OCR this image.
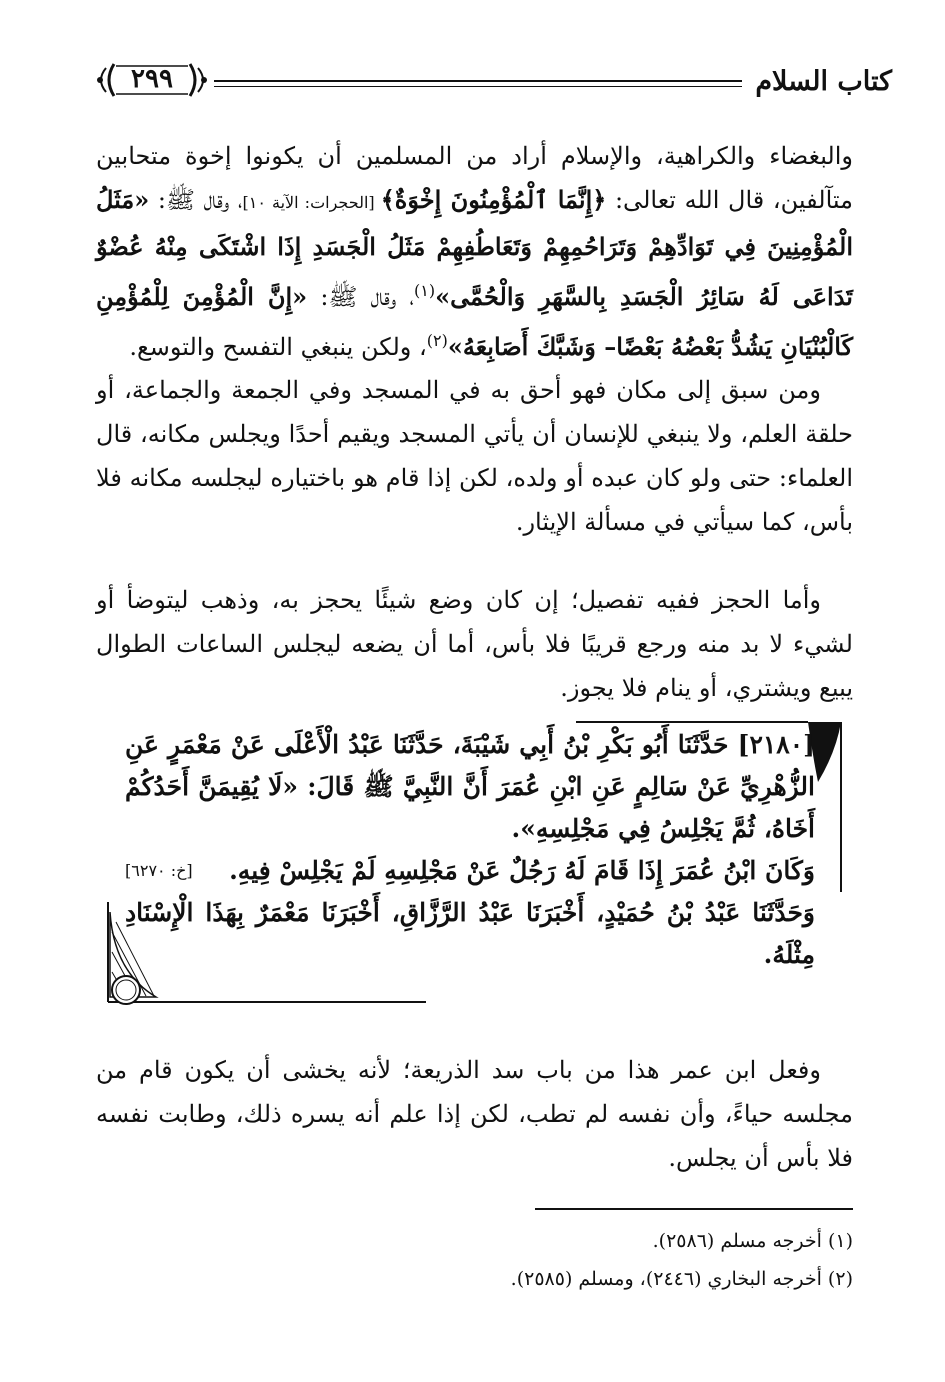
كتاب السلام
٢٩٩
والبغضاء والكراهية، والإسلام أراد من المسلمين أن يكونوا إخوة متحابين متآلفين، قال الله تعالى: ﴿إِنَّمَا ٱلْمُؤْمِنُونَ إِخْوَةٌ﴾ [الحجرات: الآية ١٠]، وقال ﷺ: «مَثَلُ الْمُؤْمِنِينَ فِي تَوَادِّهِمْ وَتَرَاحُمِهِمْ وَتَعَاطُفِهِمْ مَثَلُ الْجَسَدِ إِذَا اشْتَكَى مِنْهُ عُضْوٌ تَدَاعَى لَهُ سَائِرُ الْجَسَدِ بِالسَّهَرِ وَالْحُمَّى»$^{(١)}$، وقال ﷺ: «إِنَّ الْمُؤْمِنَ لِلْمُؤْمِنِ كَالْبُنْيَانِ يَشُدُّ بَعْضُهُ بَعْضًا– وَشَبَّكَ أَصَابِعَهُ»$^{(٢)}$، ولكن ينبغي التفسح والتوسع.
ومن سبق إلى مكان فهو أحق به في المسجد وفي الجمعة والجماعة، أو حلقة العلم، ولا ينبغي للإنسان أن يأتي المسجد ويقيم أحدًا ويجلس مكانه، قال العلماء: حتى ولو كان عبده أو ولده، لكن إذا قام هو باختياره ليجلسه مكانه فلا بأس، كما سيأتي في مسألة الإيثار.
وأما الحجز ففيه تفصيل؛ إن كان وضع شيئًا يحجز به، وذهب ليتوضأ أو لشيء لا بد منه ورجع قريبًا فلا بأس، أما أن يضعه ليجلس الساعات الطوال يبيع ويشتري، أو ينام فلا يجوز.
[٢١٨٠] حَدَّثَنَا أَبُو بَكْرِ بْنُ أَبِي شَيْبَةَ، حَدَّثَنَا عَبْدُ الْأَعْلَى عَنْ مَعْمَرٍ عَنِ الزُّهْرِيِّ عَنْ سَالِمٍ عَنِ ابْنِ عُمَرَ أَنَّ النَّبِيَّ ﷺ قَالَ: «لَا يُقِيمَنَّ أَحَدُكُمْ أَخَاهُ، ثُمَّ يَجْلِسُ فِي مَجْلِسِهِ».
وَكَانَ ابْنُ عُمَرَ إِذَا قَامَ لَهُ رَجُلٌ عَنْ مَجْلِسِهِ لَمْ يَجْلِسْ فِيهِ.
[خ: ٦٢٧٠]
وَحَدَّثَنَا عَبْدُ بْنُ حُمَيْدٍ، أَخْبَرَنَا عَبْدُ الرَّزَّاقِ، أَخْبَرَنَا مَعْمَرٌ بِهَذَا الْإِسْنَادِ مِثْلَهُ.
وفعل ابن عمر هذا من باب سد الذريعة؛ لأنه يخشى أن يكون قام من مجلسه حياءً، وأن نفسه لم تطب، لكن إذا علم أنه يسره ذلك، وطابت نفسه فلا بأس أن يجلس.
(١) أخرجه مسلم (٢٥٨٦).
(٢) أخرجه البخاري (٢٤٤٦)، ومسلم (٢٥٨٥).
